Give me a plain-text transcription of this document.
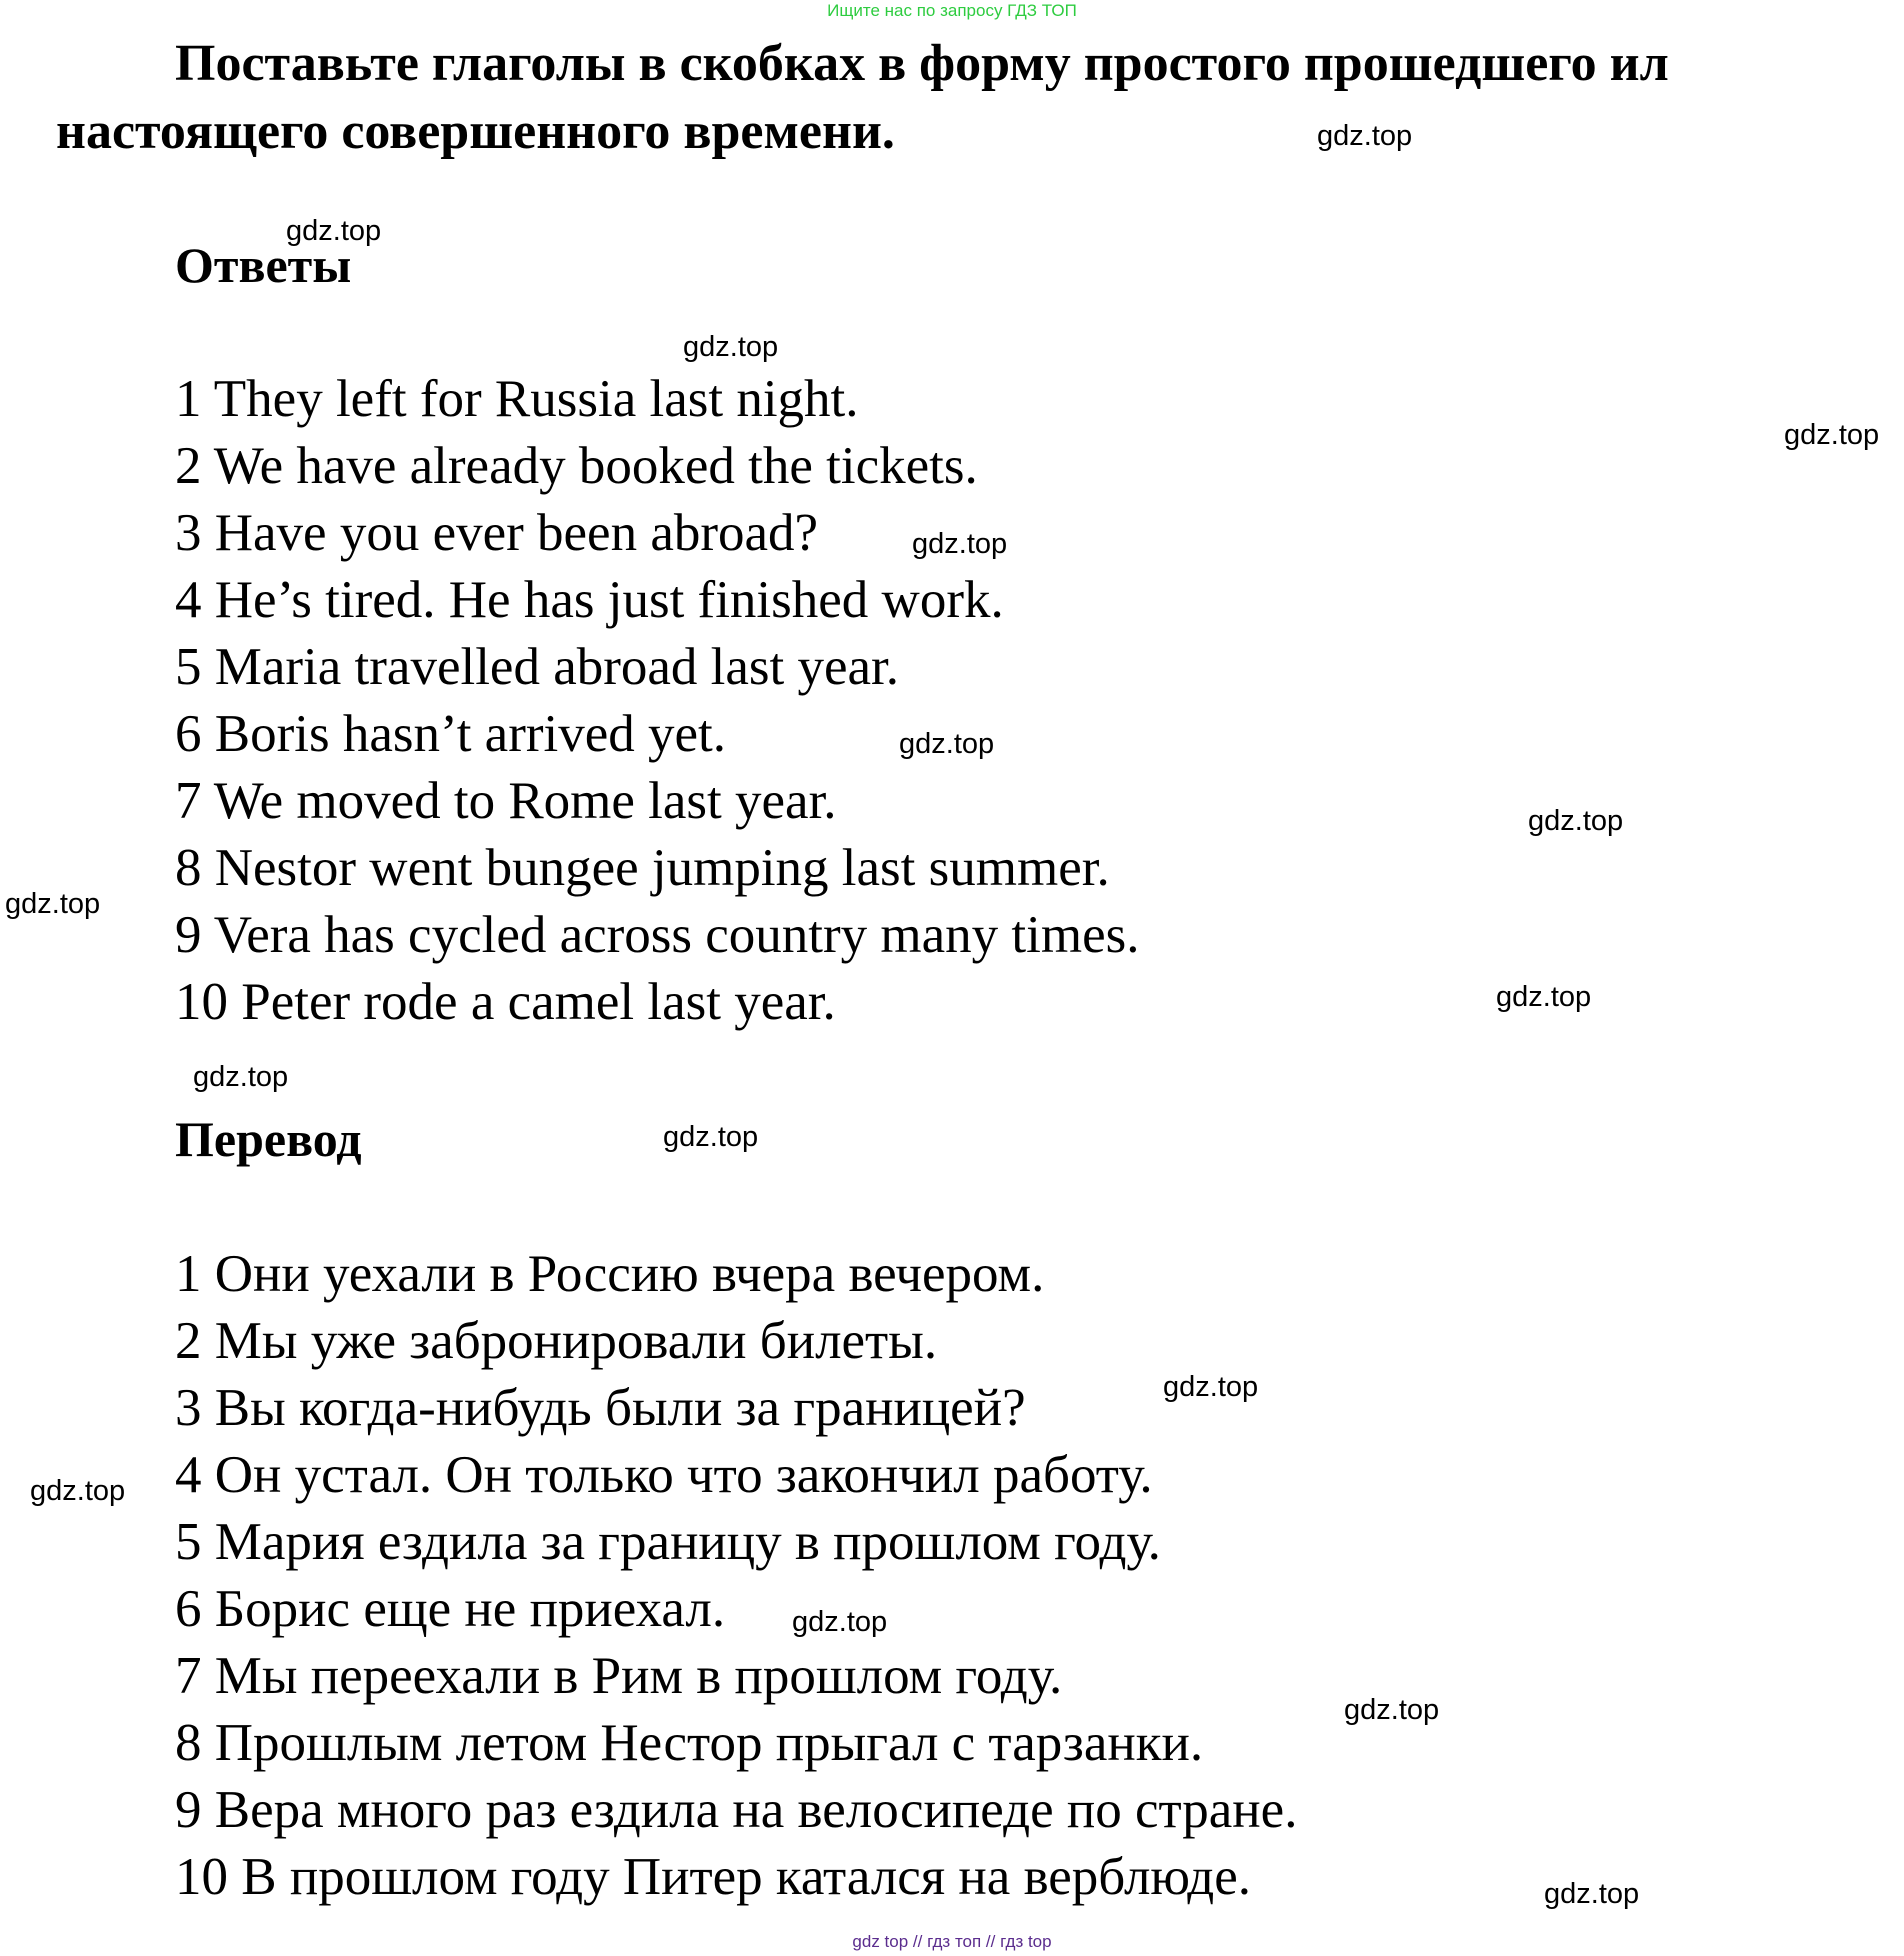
Ищите нас по запросу ГДЗ ТОП
Поставьте глаголы в скобках в форму простого прошедшего ил настоящего совершенного времени.	gdz.top
gdz.top
gdz.top
gdz.top
gdz.top
gdz.top
gdz.top
gdz.top
gdz.top
gdz.top
gdz.top
gdz.top
gdz.top
gdz.top
gdz.top
gdz.top
Ответы
1 They left for Russia last night.
2 We have already booked the tickets.
3 Have you ever been abroad?
4 He’s tired. He has just finished work.
5 Maria travelled abroad last year.
6 Boris hasn’t arrived yet.
7 We moved to Rome last year.
8 Nestor went bungee jumping last summer.
9 Vera has cycled across country many times.
10 Peter rode a camel last year.
Перевод
1 Они уехали в Россию вчера вечером.
2 Мы уже забронировали билеты.
3 Вы когда-нибудь были за границей?
4 Он устал. Он только что закончил работу.
5 Мария ездила за границу в прошлом году.
6 Борис еще не приехал.
7 Мы переехали в Рим в прошлом году.
8 Прошлым летом Нестор прыгал с тарзанки.
9 Вера много раз ездила на велосипеде по стране.
10 В прошлом году Питер катался на верблюде.
gdz top // гдз топ // гдз top
